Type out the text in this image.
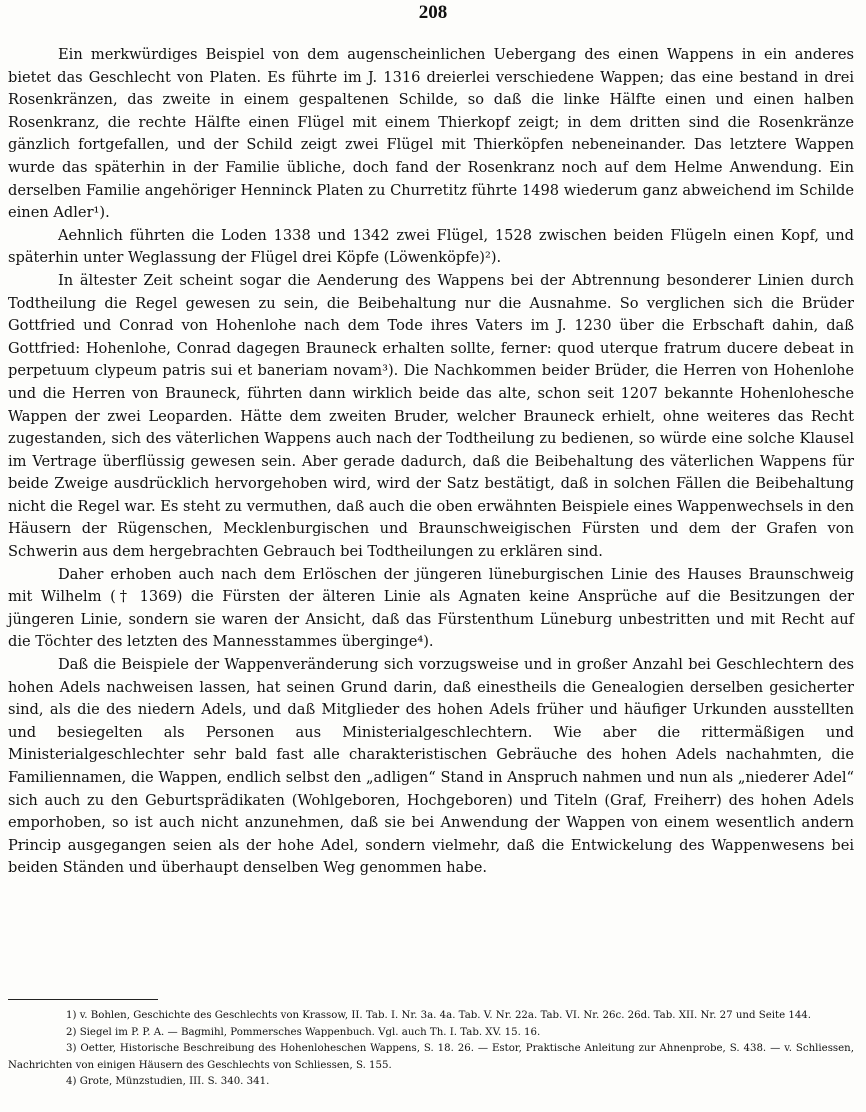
208

Ein merkwürdiges Beispiel von dem augenscheinlichen Uebergang des einen Wappens in ein anderes bietet das Geschlecht von Platen. Es führte im J. 1316 dreierlei verschiedene Wappen; das eine bestand in drei Rosenkränzen, das zweite in einem gespaltenen Schilde, so daß die linke Hälfte einen und einen halben Rosenkranz, die rechte Hälfte einen Flügel mit einem Thierkopf zeigt; in dem dritten sind die Rosenkränze gänzlich fortgefallen, und der Schild zeigt zwei Flügel mit Thierköpfen nebeneinander. Das letztere Wappen wurde das späterhin in der Familie übliche, doch fand der Rosenkranz noch auf dem Helme Anwendung. Ein derselben Familie angehöriger Henninck Platen zu Churretitz führte 1498 wiederum ganz abweichend im Schilde einen Adler¹).

Aehnlich führten die Loden 1338 und 1342 zwei Flügel, 1528 zwischen beiden Flügeln einen Kopf, und späterhin unter Weglassung der Flügel drei Köpfe (Löwenköpfe)²).

In ältester Zeit scheint sogar die Aenderung des Wappens bei der Abtrennung besonderer Linien durch Todtheilung die Regel gewesen zu sein, die Beibehaltung nur die Ausnahme. So verglichen sich die Brüder Gottfried und Conrad von Hohenlohe nach dem Tode ihres Vaters im J. 1230 über die Erbschaft dahin, daß Gottfried: Hohenlohe, Conrad dagegen Brauneck erhalten sollte, ferner: quod uterque fratrum ducere debeat in perpetuum clypeum patris sui et baneriam novam³). Die Nachkommen beider Brüder, die Herren von Hohenlohe und die Herren von Brauneck, führten dann wirklich beide das alte, schon seit 1207 bekannte Hohenlohesche Wappen der zwei Leoparden. Hätte dem zweiten Bruder, welcher Brauneck erhielt, ohne weiteres das Recht zugestanden, sich des väterlichen Wappens auch nach der Todtheilung zu bedienen, so würde eine solche Klausel im Vertrage überflüssig gewesen sein. Aber gerade dadurch, daß die Beibehaltung des väterlichen Wappens für beide Zweige ausdrücklich hervorgehoben wird, wird der Satz bestätigt, daß in solchen Fällen die Beibehaltung nicht die Regel war. Es steht zu vermuthen, daß auch die oben erwähnten Beispiele eines Wappenwechsels in den Häusern der Rügenschen, Mecklenburgischen und Braunschweigischen Fürsten und dem der Grafen von Schwerin aus dem hergebrachten Gebrauch bei Todtheilungen zu erklären sind.

Daher erhoben auch nach dem Erlöschen der jüngeren lüneburgischen Linie des Hauses Braunschweig mit Wilhelm († 1369) die Fürsten der älteren Linie als Agnaten keine Ansprüche auf die Besitzungen der jüngeren Linie, sondern sie waren der Ansicht, daß das Fürstenthum Lüneburg unbestritten und mit Recht auf die Töchter des letzten des Mannesstammes überginge⁴).

Daß die Beispiele der Wappenveränderung sich vorzugsweise und in großer Anzahl bei Geschlechtern des hohen Adels nachweisen lassen, hat seinen Grund darin, daß einestheils die Genealogien derselben gesicherter sind, als die des niedern Adels, und daß Mitglieder des hohen Adels früher und häufiger Urkunden ausstellten und besiegelten als Personen aus Ministerialgeschlechtern. Wie aber die rittermäßigen und Ministerialgeschlechter sehr bald fast alle charakteristischen Gebräuche des hohen Adels nachahmten, die Familiennamen, die Wappen, endlich selbst den „adligen“ Stand in Anspruch nahmen und nun als „niederer Adel“ sich auch zu den Geburtsprädikaten (Wohlgeboren, Hochgeboren) und Titeln (Graf, Freiherr) des hohen Adels emporhoben, so ist auch nicht anzunehmen, daß sie bei Anwendung der Wappen von einem wesentlich andern Princip ausgegangen seien als der hohe Adel, sondern vielmehr, daß die Entwickelung des Wappenwesens bei beiden Ständen und überhaupt denselben Weg genommen habe.

1) v. Bohlen, Geschichte des Geschlechts von Krassow, II. Tab. I. Nr. 3a. 4a. Tab. V. Nr. 22a. Tab. VI. Nr. 26c. 26d. Tab. XII. Nr. 27 und Seite 144.

2) Siegel im P. P. A. — Bagmihl, Pommersches Wappenbuch. Vgl. auch Th. I. Tab. XV. 15. 16.

3) Oetter, Historische Beschreibung des Hohenloheschen Wappens, S. 18. 26. — Estor, Praktische Anleitung zur Ahnenprobe, S. 438. — v. Schliessen, Nachrichten von einigen Häusern des Geschlechts von Schliessen, S. 155.

4) Grote, Münzstudien, III. S. 340. 341.
